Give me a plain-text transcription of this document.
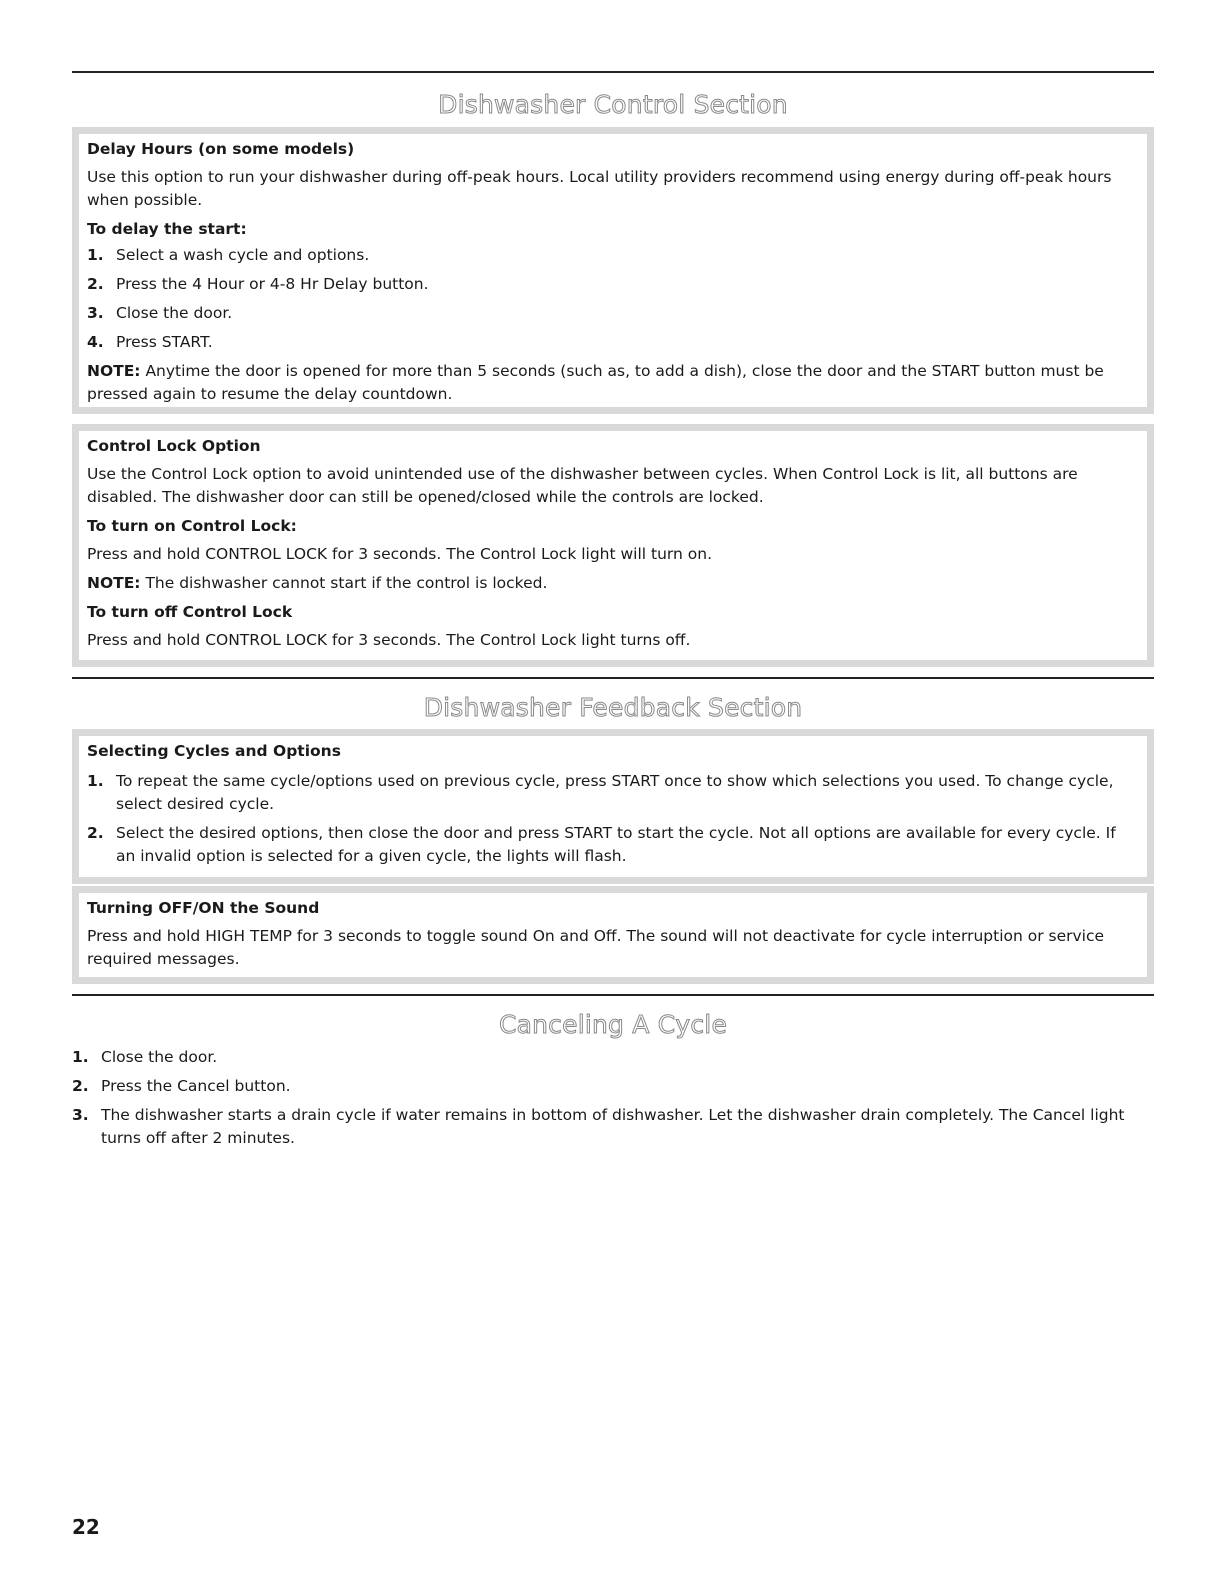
Dishwasher Control Section

Delay Hours (on some models)

Use this option to run your dishwasher during off-peak hours. Local utility providers recommend using energy during off-peak hours when possible.

To delay the start:

1. Select a wash cycle and options.
2. Press the 4 Hour or 4-8 Hr Delay button.
3. Close the door.
4. Press START.

NOTE: Anytime the door is opened for more than 5 seconds (such as, to add a dish), close the door and the START button must be pressed again to resume the delay countdown.

Control Lock Option

Use the Control Lock option to avoid unintended use of the dishwasher between cycles. When Control Lock is lit, all buttons are disabled. The dishwasher door can still be opened/closed while the controls are locked.

To turn on Control Lock:

Press and hold CONTROL LOCK for 3 seconds. The Control Lock light will turn on.

NOTE: The dishwasher cannot start if the control is locked.

To turn off Control Lock

Press and hold CONTROL LOCK for 3 seconds. The Control Lock light turns off.

Dishwasher Feedback Section

Selecting Cycles and Options

1. To repeat the same cycle/options used on previous cycle, press START once to show which selections you used. To change cycle, select desired cycle.
2. Select the desired options, then close the door and press START to start the cycle. Not all options are available for every cycle. If an invalid option is selected for a given cycle, the lights will flash.

Turning OFF/ON the Sound

Press and hold HIGH TEMP for 3 seconds to toggle sound On and Off. The sound will not deactivate for cycle interruption or service required messages.

Canceling A Cycle
1. Close the door.
2. Press the Cancel button.
3. The dishwasher starts a drain cycle if water remains in bottom of dishwasher. Let the dishwasher drain completely. The Cancel light turns off after 2 minutes.
22
